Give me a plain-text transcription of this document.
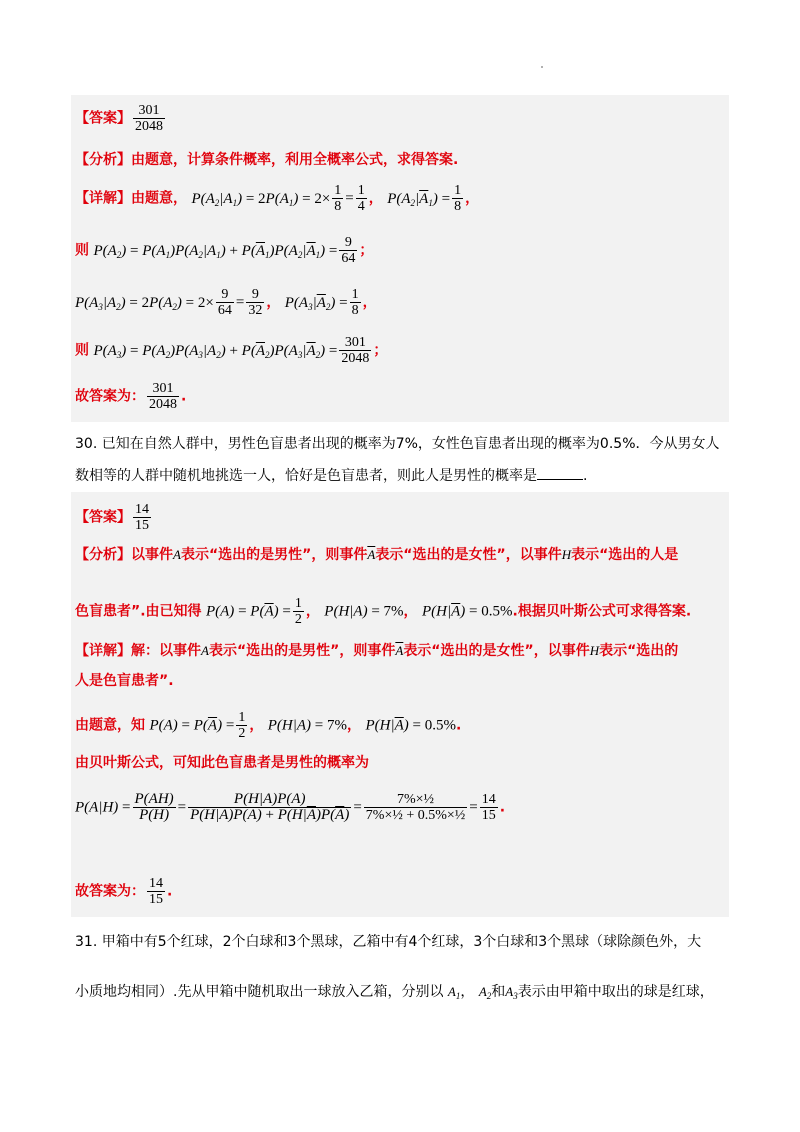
【答案】 $\frac{301}{2048}$
【分析】由题意，计算条件概率，利用全概率公式，求得答案.
【详解】由题意， $P(A_2|A_1) = 2P(A_1) = 2\times \frac{1}{8} = \frac{1}{4}$ ， $P(A_2|\overline{A}_1) = \frac{1}{8}$ ，
则 $P(A_2) = P(A_1)P(A_2|A_1) + P(\overline{A}_1)P(A_2|\overline{A}_1) = \frac{9}{64}$ ；
$P(A_3|A_2) = 2P(A_2) = 2\times \frac{9}{64} = \frac{9}{32}$ ， $P(A_3|\overline{A}_2) = \frac{1}{8}$ ，
则 $P(A_3) = P(A_2)P(A_3|A_2) + P(\overline{A}_2)P(A_3|\overline{A}_2) = \frac{301}{2048}$ ；
故答案为： $\frac{301}{2048}$ .
30. 已知在自然人群中，男性色盲患者出现的概率为7%，女性色盲患者出现的概率为0.5%．今从男女人
数相等的人群中随机地挑选一人，恰好是色盲患者，则此人是男性的概率是	.
【答案】 $\frac{14}{15}$
【分析】以事件A表示“选出的是男性”，则事件$\overline{A}$表示“选出的是女性”，以事件H表示“选出的人是
色盲患者”.由已知得 $P(A) = P(\overline{A}) = \frac{1}{2}$ ， P(H|A) = 7%， $P(H|\overline{A}) = 0.5\%$.根据贝叶斯公式可求得答案.
【详解】解：以事件A表示“选出的是男性”，则事件$\overline{A}$表示“选出的是女性”，以事件H表示“选出的
人是色盲患者”.
由题意，知 $P(A) = P(\overline{A}) = \frac{1}{2}$ ， P(H|A) = 7%， $P(H|\overline{A}) = 0.5\%$.
由贝叶斯公式，可知此色盲患者是男性的概率为
$P(A|H) = \frac{P(AH)}{P(H)} = \frac{P(H|A)P(A)}{P(H|A)P(A) + P(H|\overline{A})P(\overline{A})} = \frac{\text{7\%×½}}{\text{7\%×½ + 0.5\%×½}} = \frac{14}{15}$ .
故答案为： $\frac{14}{15}$ .
31. 甲箱中有5个红球，2个白球和3个黑球，乙箱中有4个红球，3个白球和3个黑球（球除颜色外，大
小质地均相同）.先从甲箱中随机取出一球放入乙箱，分别以 $A_1$， $A_2$和$A_3$表示由甲箱中取出的球是红球，
